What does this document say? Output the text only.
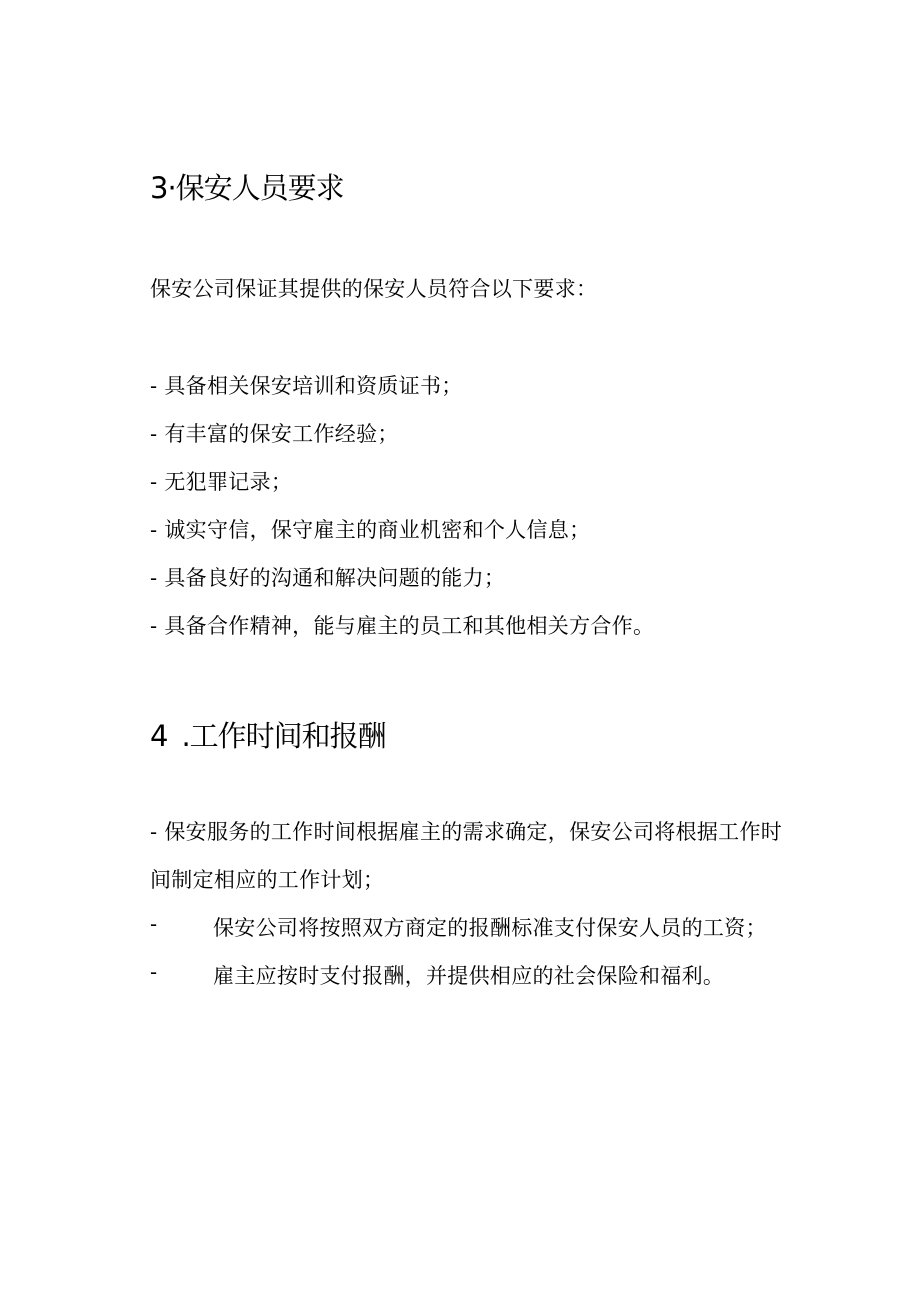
3·保安人员要求
保安公司保证其提供的保安人员符合以下要求：
- 具备相关保安培训和资质证书；
- 有丰富的保安工作经验；
- 无犯罪记录；
- 诚实守信，保守雇主的商业机密和个人信息；
- 具备良好的沟通和解决问题的能力；
- 具备合作精神，能与雇主的员工和其他相关方合作。
4 .工作时间和报酬
- 保安服务的工作时间根据雇主的需求确定，保安公司将根据工作时
间制定相应的工作计划；
-	保安公司将按照双方商定的报酬标准支付保安人员的工资；
-	雇主应按时支付报酬，并提供相应的社会保险和福利。
